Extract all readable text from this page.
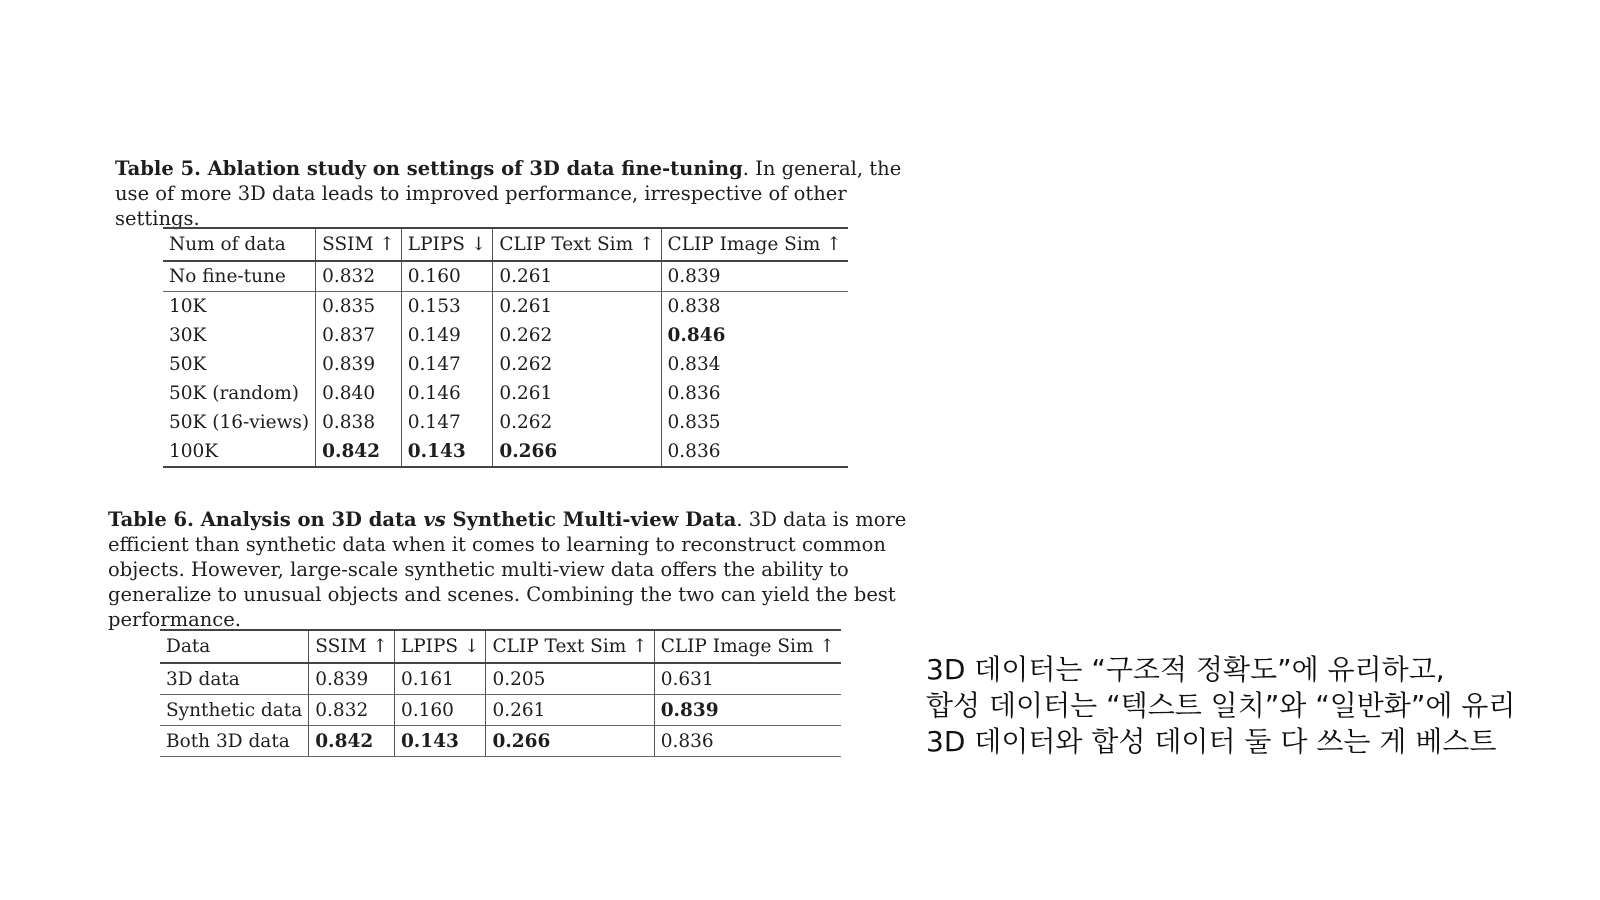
Table 5. Ablation study on settings of 3D data fine-tuning. In general, the use of more 3D data leads to improved performance, irrespective of other settings.
Num of data	SSIM ↑	LPIPS ↓	CLIP Text Sim ↑	CLIP Image Sim ↑
No fine-tune	0.832	0.160	0.261	0.839
10K	0.835	0.153	0.261	0.838
30K	0.837	0.149	0.262	0.846
50K	0.839	0.147	0.262	0.834
50K (random)	0.840	0.146	0.261	0.836
50K (16-views)	0.838	0.147	0.262	0.835
100K	0.842	0.143	0.266	0.836
Table 6. Analysis on 3D data vs Synthetic Multi-view Data. 3D data is more efficient than synthetic data when it comes to learning to reconstruct common objects. However, large-scale synthetic multi-view data offers the ability to generalize to unusual objects and scenes. Combining the two can yield the best performance.
Data	SSIM ↑	LPIPS ↓	CLIP Text Sim ↑	CLIP Image Sim ↑
3D data	0.839	0.161	0.205	0.631
Synthetic data	0.832	0.160	0.261	0.839
Both 3D data	0.842	0.143	0.266	0.836
3D 데이터는 “구조적 정확도”에 유리하고,
합성 데이터는 “텍스트 일치”와 “일반화”에 유리
3D 데이터와 합성 데이터 둘 다 쓰는 게 베스트
